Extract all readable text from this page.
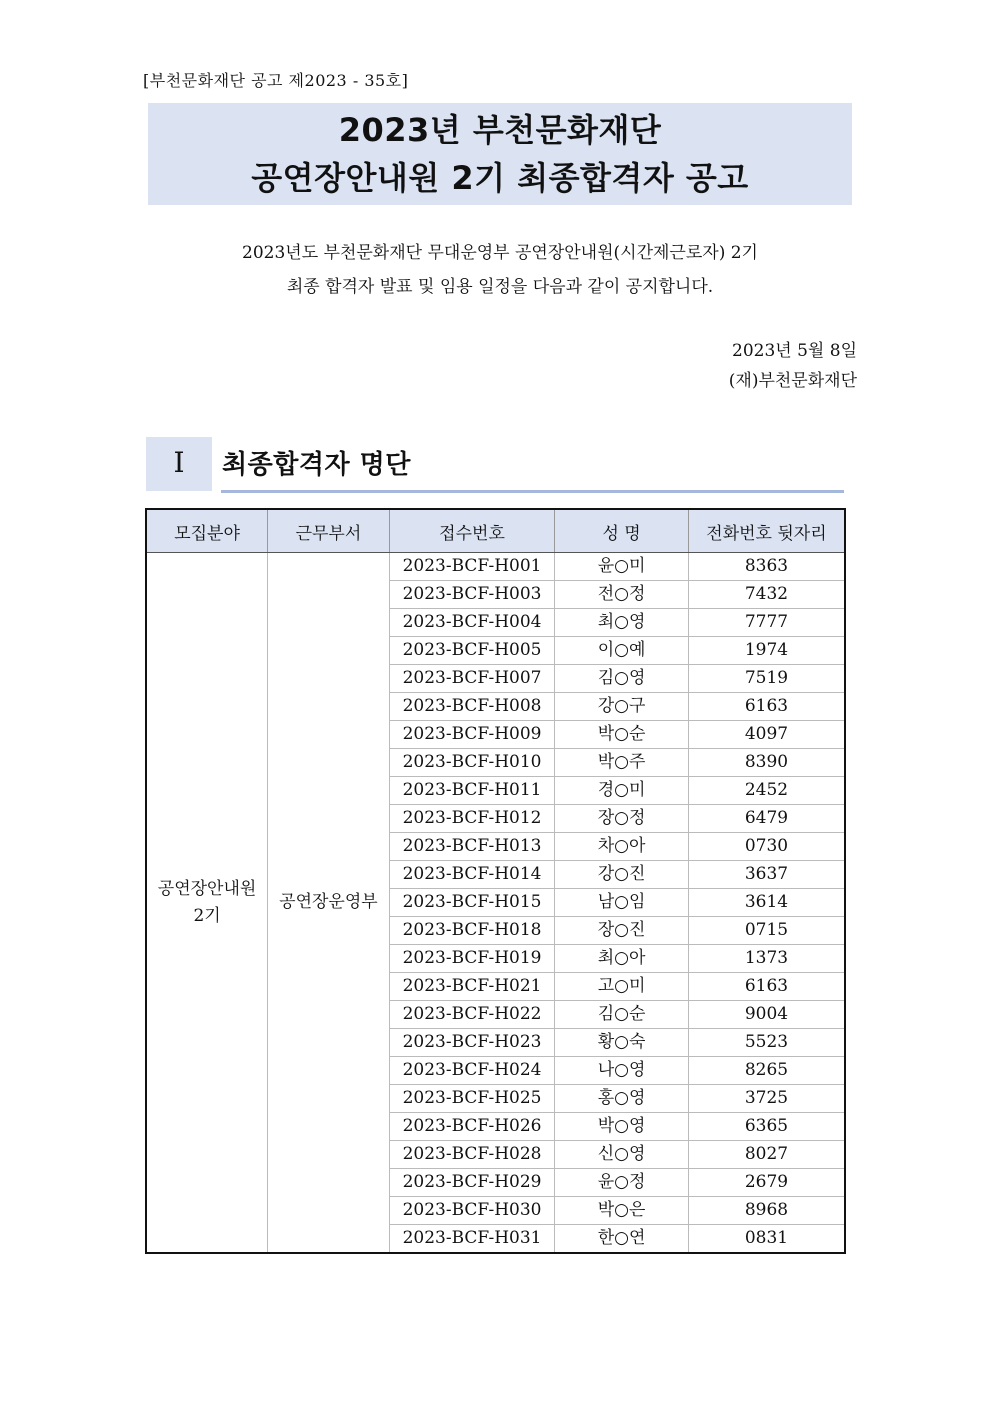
[부천문화재단 공고 제2023 - 35호]
2023년 부천문화재단
공연장안내원 2기 최종합격자 공고
2023년도 부천문화재단 무대운영부 공연장안내원(시간제근로자) 2기
최종 합격자 발표 및 임용 일정을 다음과 같이 공지합니다.
2023년 5월 8일
(재)부천문화재단
Ⅰ	최종합격자 명단
모집분야	근무부서	접수번호	성 명	전화번호 뒷자리

공연장안내원
2기	공연장운영부	2023-BCF-H001	윤○미	8363
		2023-BCF-H003	전○정	7432
		2023-BCF-H004	최○영	7777
		2023-BCF-H005	이○예	1974
		2023-BCF-H007	김○영	7519
		2023-BCF-H008	강○구	6163
		2023-BCF-H009	박○순	4097
		2023-BCF-H010	박○주	8390
		2023-BCF-H011	경○미	2452
		2023-BCF-H012	장○정	6479
		2023-BCF-H013	차○아	0730
		2023-BCF-H014	강○진	3637
		2023-BCF-H015	남○임	3614
		2023-BCF-H018	장○진	0715
		2023-BCF-H019	최○아	1373
		2023-BCF-H021	고○미	6163
		2023-BCF-H022	김○순	9004
		2023-BCF-H023	황○숙	5523
		2023-BCF-H024	나○영	8265
		2023-BCF-H025	홍○영	3725
		2023-BCF-H026	박○영	6365
		2023-BCF-H028	신○영	8027
		2023-BCF-H029	윤○정	2679
		2023-BCF-H030	박○은	8968
		2023-BCF-H031	한○연	0831
